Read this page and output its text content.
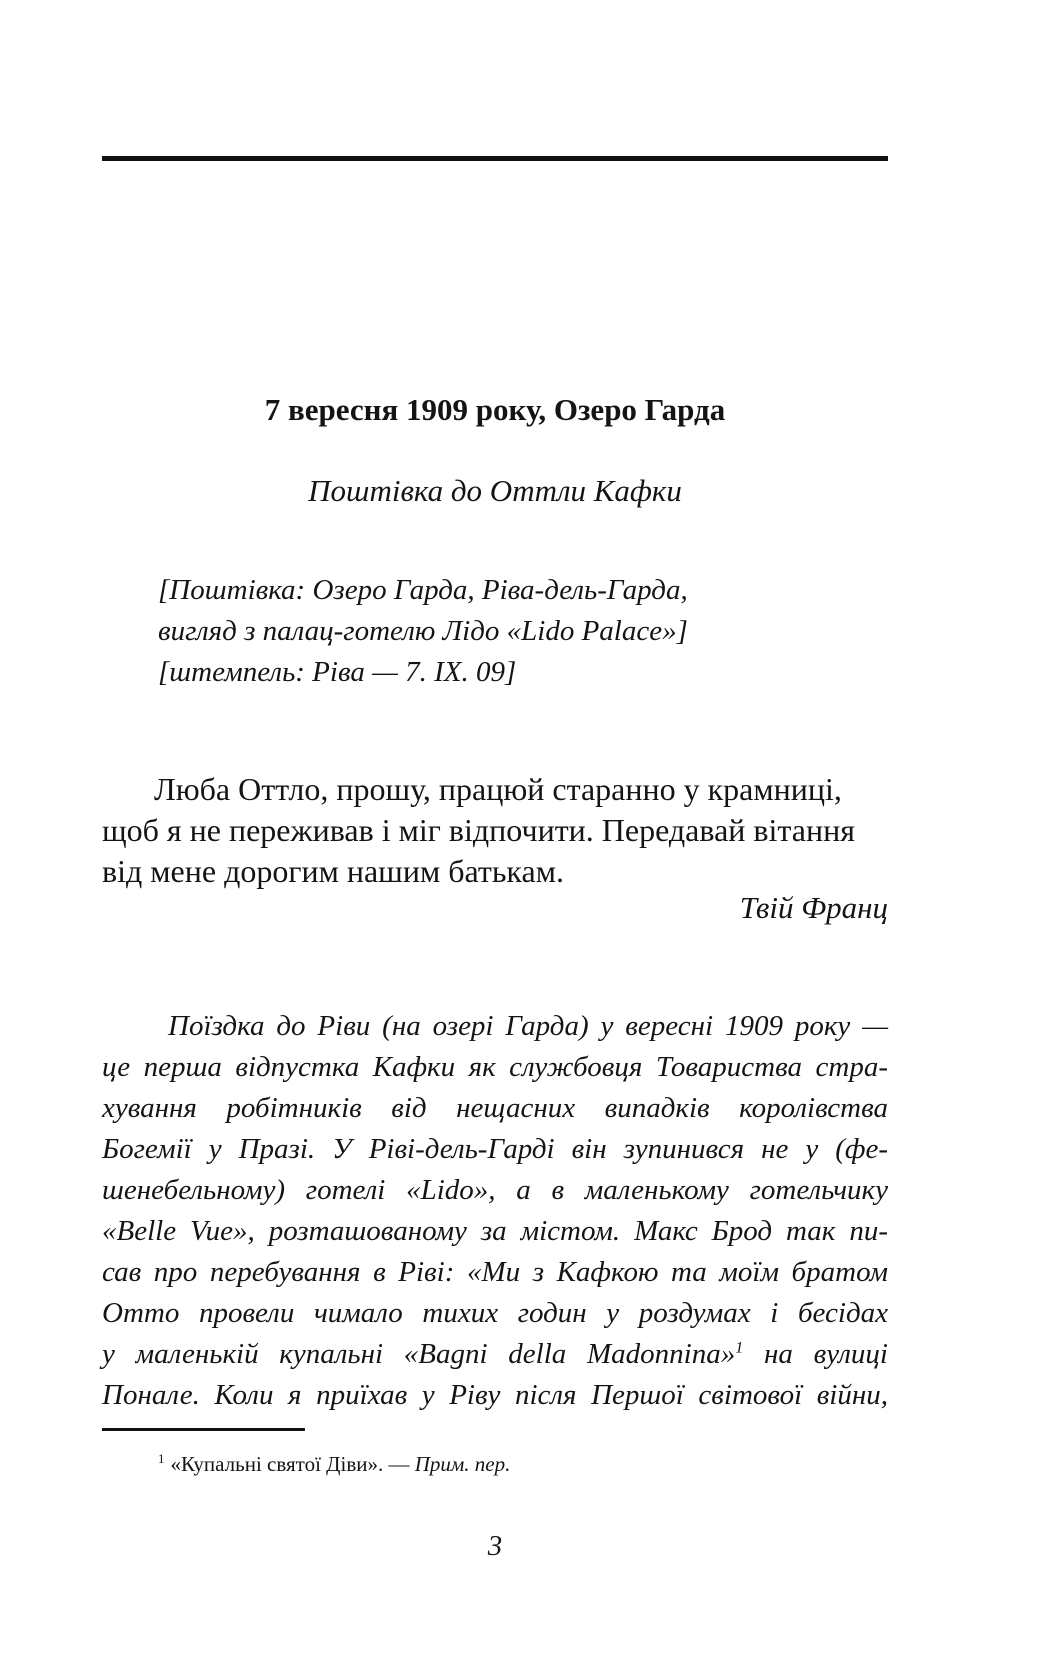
7 вересня 1909 року, Озеро Гарда
Поштівка до Оттли Кафки
[Поштівка: Озеро Гарда, Ріва-дель-Гарда,
вигляд з палац-готелю Лідо «Lido Palace»]
[штемпель: Ріва — 7. IX. 09]
Люба Оттло, прошу, працюй старанно у крамниці,
щоб я не переживав і міг відпочити. Передавай вітання
від мене дорогим нашим батькам.
Твій Франц
Поїздка до Ріви (на озері Гарда) у вересні 1909 року —
це перша відпустка Кафки як службовця Товариства стра-
хування робітників від нещасних випадків королівства
Богемії у Празі. У Ріві-дель-Гарді він зупинився не у (фе-
шенебельному) готелі «Lido», а в маленькому готельчику
«Belle Vue», розташованому за містом. Макс Брод так пи-
сав про перебування в Ріві: «Ми з Кафкою та моїм братом
Отто провели чимало тихих годин у роздумах і бесідах
у маленькій купальні «Bagni della Madonnina»$^1$ на вулиці
Понале. Коли я приїхав у Ріву після Першої світової війни,
$^1$ «Купальні святої Діви». — Прим. пер.
3
